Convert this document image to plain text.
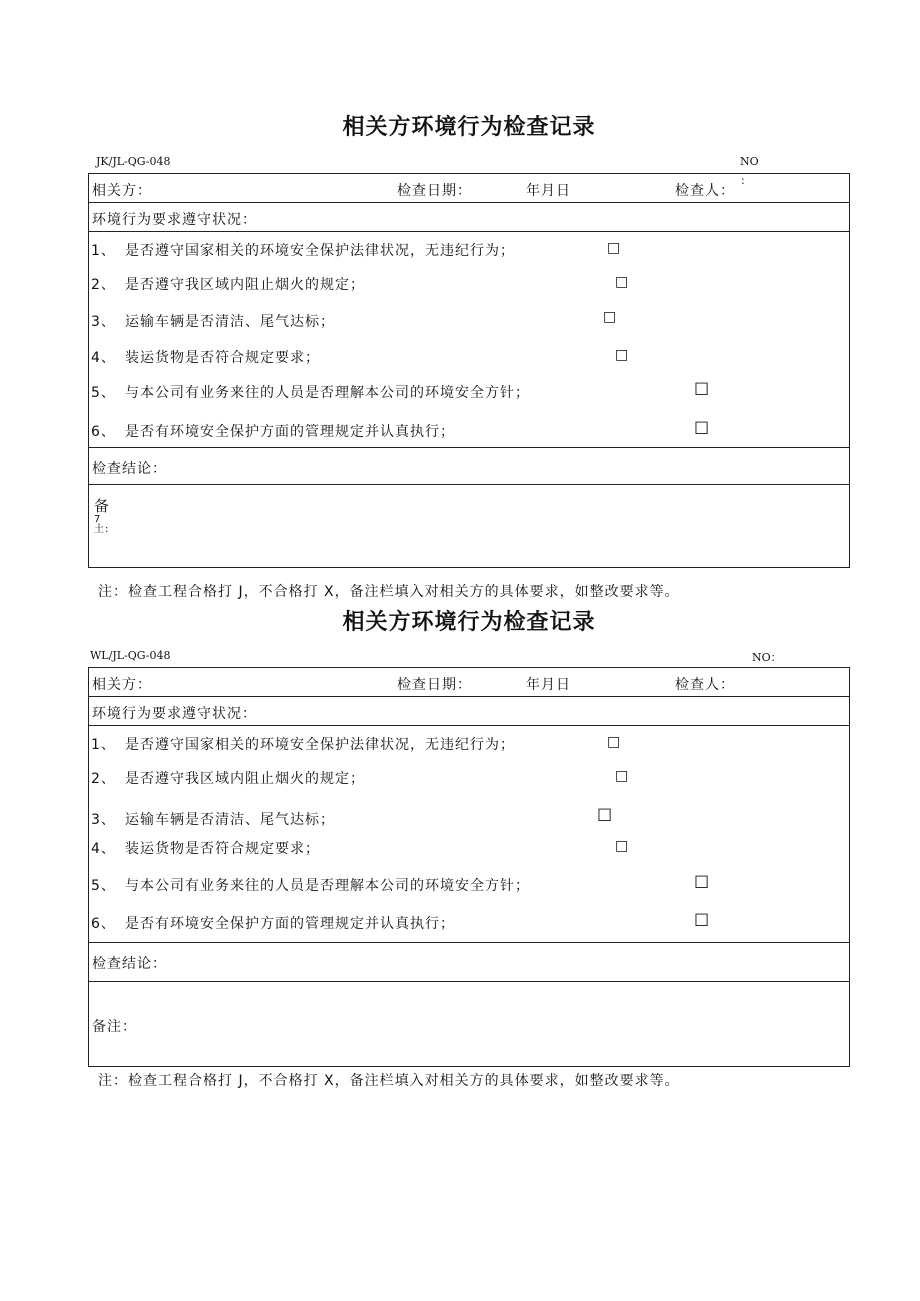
相关方环境行为检查记录
JK/JL-QG-048	NO
相关方：	检查日期：	年月日	检查人：
:
环境行为要求遵守状况：
1、 是否遵守国家相关的环境安全保护法律状况，无违纪行为；	□
2、 是否遵守我区域内阻止烟火的规定；	□
3、 运输车辆是否清洁、尾气达标；	□
4、 装运货物是否符合规定要求；	□
5、 与本公司有业务来往的人员是否理解本公司的环境安全方针；	☐
6、 是否有环境安全保护方面的管理规定并认真执行；	☐
检查结论：
备
7土:
注：检查工程合格打 J，不合格打 X，备注栏填入对相关方的具体要求，如整改要求等。
相关方环境行为检查记录
WL/JL-QG-048	NO：
相关方：	检查日期：	年月日	检查人：
环境行为要求遵守状况：
1、 是否遵守国家相关的环境安全保护法律状况，无违纪行为；	□
2、 是否遵守我区域内阻止烟火的规定；	□
3、 运输车辆是否清洁、尾气达标；	☐
4、 装运货物是否符合规定要求；	□
5、 与本公司有业务来往的人员是否理解本公司的环境安全方针；	☐
6、 是否有环境安全保护方面的管理规定并认真执行；	☐
检查结论：
备注：
注：检查工程合格打 J，不合格打 X，备注栏填入对相关方的具体要求，如整改要求等。
